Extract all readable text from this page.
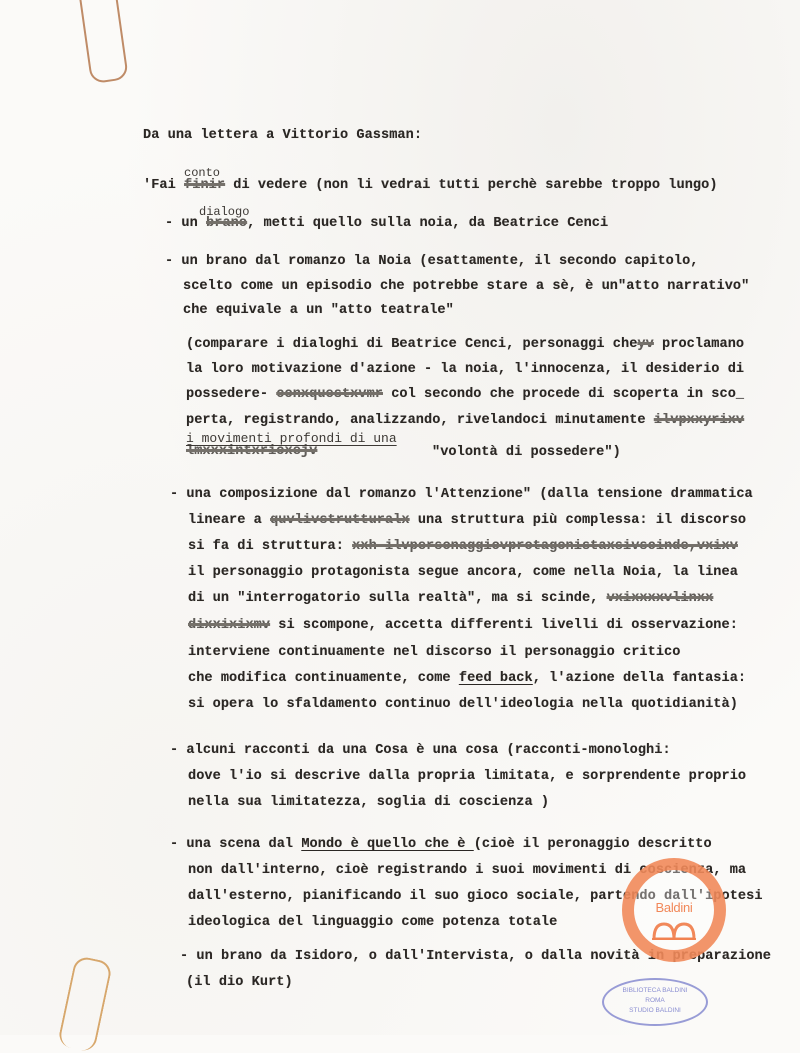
Da una lettera a Vittorio Gassman:
'Fai finir di vedere (non li vedrai tutti perchè sarebbe troppo lungo)
conto
- un brano, metti quello sulla noia, da Beatrice Cenci
dialogo
- un brano dal romanzo la Noia (esattamente, il secondo capitolo,
scelto come un episodio che potrebbe stare a sè, è un"atto narrativo"
che equivale a un "atto teatrale"
(comparare i dialoghi di Beatrice Cenci, personaggi cheyv proclamano
la loro motivazione d'azione - la noia, l'innocenza, il desiderio di
possedere- conxquestxvmr col secondo che procede di scoperta in sco_
perta, registrando, analizzando, rivelandoci minutamente ilvpxxyrixv
i movimenti profondi di una
lmxxxintxrioxejv	"volontà di possedere")
- una composizione dal romanzo l'Attenzione" (dalla tensione drammatica
lineare a quvlivstrutturalx una struttura più complessa: il discorso
si fa di struttura: xxh ilvpersonaggiovprotagonistaxsivscinde,vxixv
il personaggio protagonista segue ancora, come nella Noia, la linea
di un "interrogatorio sulla realtà", ma si scinde, vxixxxxvlinxx
dixxixixmv si scompone, accetta differenti livelli di osservazione:
interviene continuamente nel discorso il personaggio critico
che modifica continuamente, come feed back, l'azione della fantasia:
si opera lo sfaldamento continuo dell'ideologia nella quotidianità)
- alcuni racconti da una Cosa è una cosa (racconti-monologhi:
dove l'io si descrive dalla propria limitata, e sorprendente proprio
nella sua limitatezza, soglia di coscienza )
- una scena dal Mondo è quello che è (cioè il peronaggio descritto
non dall'interno, cioè registrando i suoi movimenti di coscienza, ma
dall'esterno, pianificando il suo gioco sociale, partendo dall'ipotesi
ideologica del linguaggio come potenza totale
- un brano da Isidoro, o dall'Intervista, o dalla novità in preparazione
(il dio Kurt)
Baldini
BIBLIOTECA BALDINI
ROMA
STUDIO BALDINI
